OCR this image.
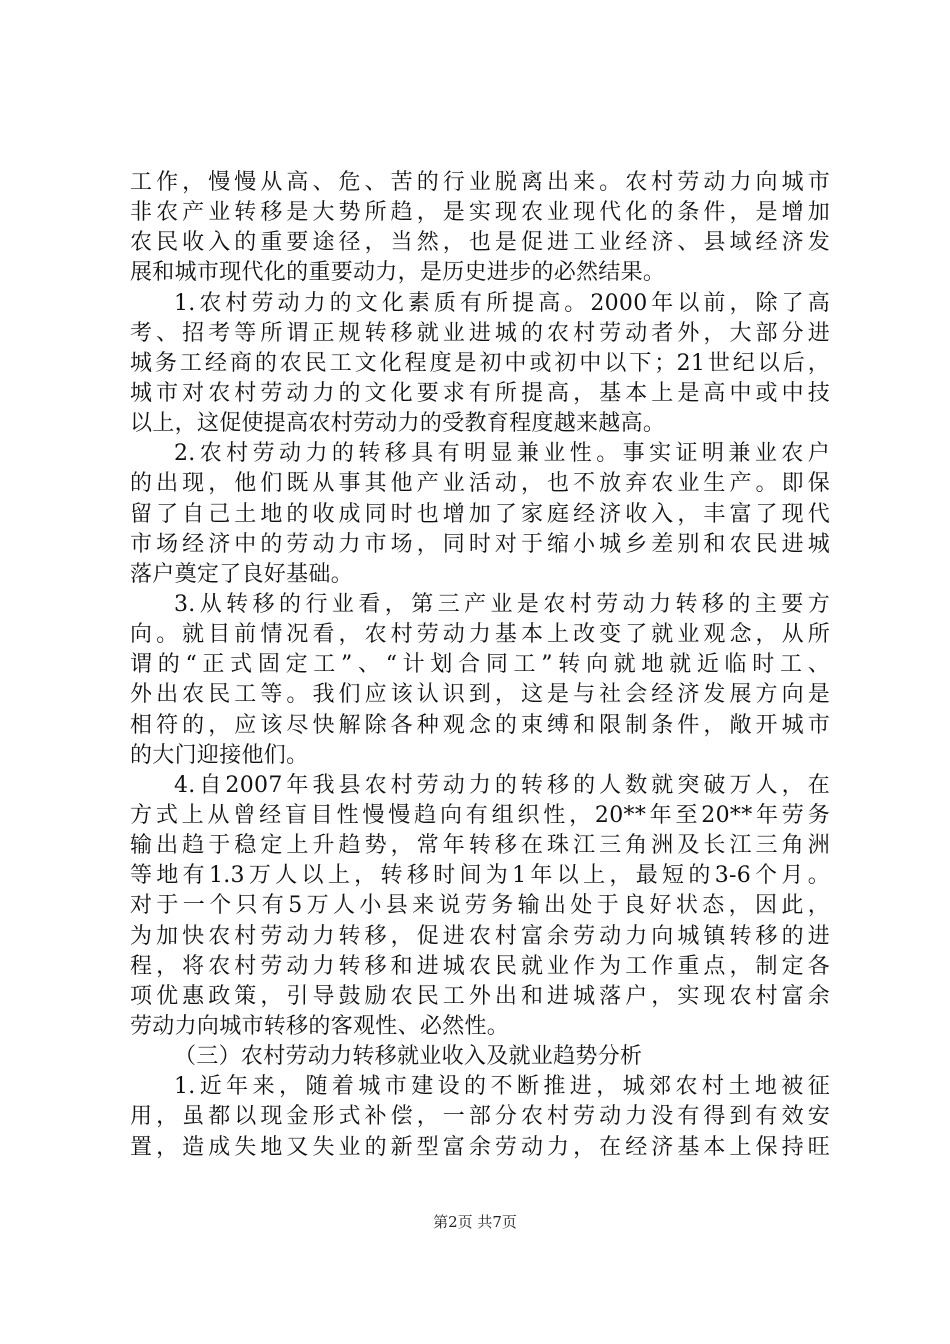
工作，慢慢从高、危、苦的行业脱离出来。农村劳动力向城市
非农产业转移是大势所趋，是实现农业现代化的条件，是增加
农民收入的重要途径，当然，也是促进工业经济、县域经济发
展和城市现代化的重要动力，是历史进步的必然结果。
1.农村劳动力的文化素质有所提高。2000年以前，除了高
考、招考等所谓正规转移就业进城的农村劳动者外，大部分进
城务工经商的农民工文化程度是初中或初中以下；21世纪以后，
城市对农村劳动力的文化要求有所提高，基本上是高中或中技
以上，这促使提高农村劳动力的受教育程度越来越高。
2.农村劳动力的转移具有明显兼业性。事实证明兼业农户
的出现，他们既从事其他产业活动，也不放弃农业生产。即保
留了自己土地的收成同时也增加了家庭经济收入，丰富了现代
市场经济中的劳动力市场，同时对于缩小城乡差别和农民进城
落户奠定了良好基础。
3.从转移的行业看，第三产业是农村劳动力转移的主要方
向。就目前情况看，农村劳动力基本上改变了就业观念，从所
谓的“正式固定工”、“计划合同工”转向就地就近临时工、
外出农民工等。我们应该认识到，这是与社会经济发展方向是
相符的，应该尽快解除各种观念的束缚和限制条件，敞开城市
的大门迎接他们。
4.自2007年我县农村劳动力的转移的人数就突破万人，在
方式上从曾经盲目性慢慢趋向有组织性，20**年至20**年劳务
输出趋于稳定上升趋势，常年转移在珠江三角洲及长江三角洲
等地有1.3万人以上，转移时间为1年以上，最短的3-6个月。
对于一个只有5万人小县来说劳务输出处于良好状态，因此，
为加快农村劳动力转移，促进农村富余劳动力向城镇转移的进
程，将农村劳动力转移和进城农民就业作为工作重点，制定各
项优惠政策，引导鼓励农民工外出和进城落户，实现农村富余
劳动力向城市转移的客观性、必然性。
（三）农村劳动力转移就业收入及就业趋势分析
1.近年来，随着城市建设的不断推进，城郊农村土地被征
用，虽都以现金形式补偿，一部分农村劳动力没有得到有效安
置，造成失地又失业的新型富余劳动力，在经济基本上保持旺
第2页 共7页
